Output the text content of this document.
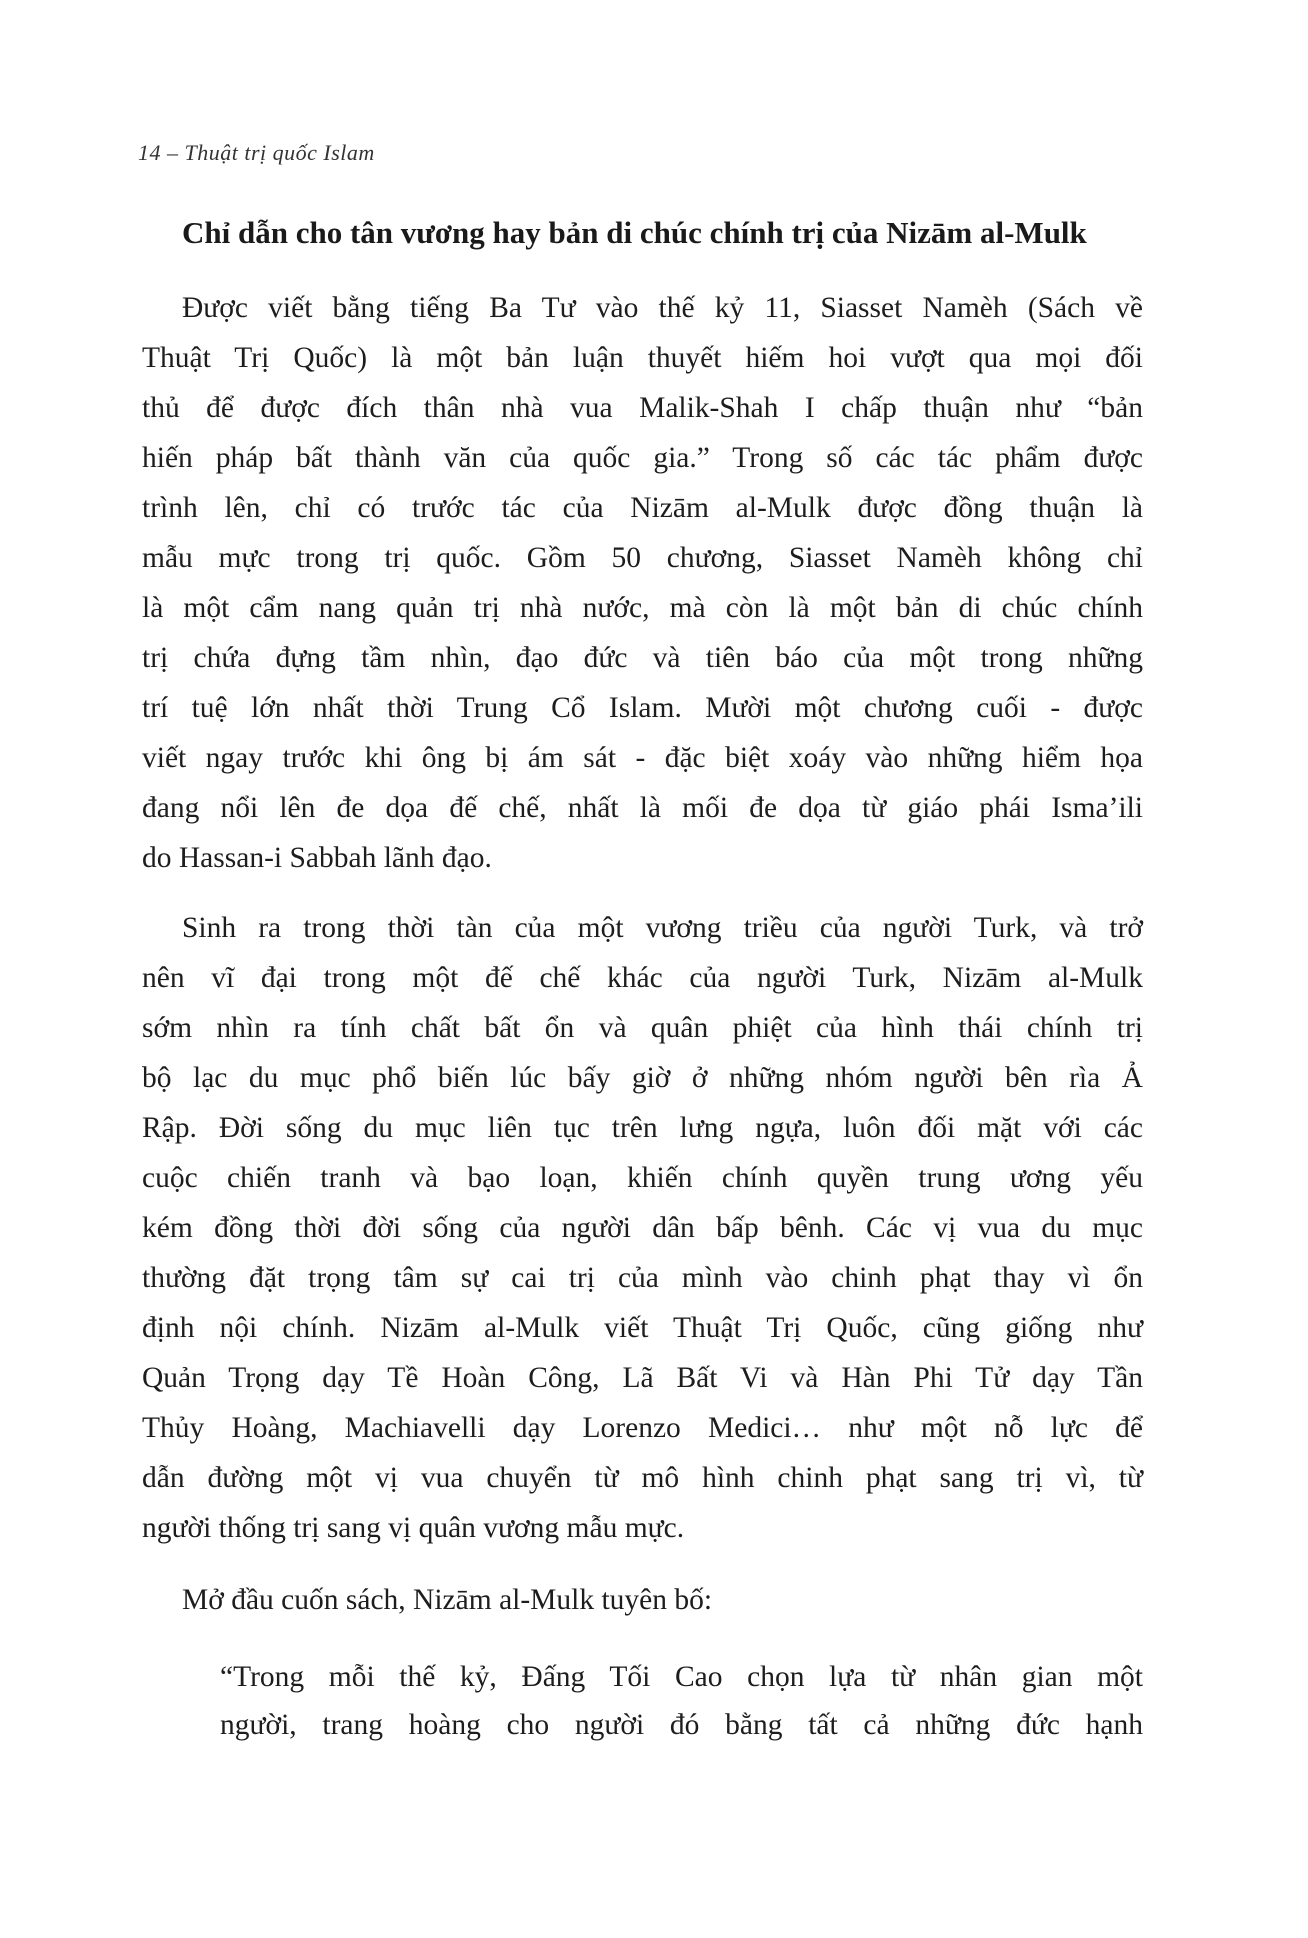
14 – Thuật trị quốc Islam
Chỉ dẫn cho tân vương hay bản di chúc chính trị của Nizām al-Mulk
Được viết bằng tiếng Ba Tư vào thế kỷ 11, Siasset Namèh (Sách về
Thuật Trị Quốc) là một bản luận thuyết hiếm hoi vượt qua mọi đối
thủ để được đích thân nhà vua Malik-Shah I chấp thuận như “bản
hiến pháp bất thành văn của quốc gia.” Trong số các tác phẩm được
trình lên, chỉ có trước tác của Nizām al-Mulk được đồng thuận là
mẫu mực trong trị quốc. Gồm 50 chương, Siasset Namèh không chỉ
là một cẩm nang quản trị nhà nước, mà còn là một bản di chúc chính
trị chứa đựng tầm nhìn, đạo đức và tiên báo của một trong những
trí tuệ lớn nhất thời Trung Cổ Islam. Mười một chương cuối - được
viết ngay trước khi ông bị ám sát - đặc biệt xoáy vào những hiểm họa
đang nổi lên đe dọa đế chế, nhất là mối đe dọa từ giáo phái Isma’ili
do Hassan-i Sabbah lãnh đạo.
Sinh ra trong thời tàn của một vương triều của người Turk, và trở
nên vĩ đại trong một đế chế khác của người Turk, Nizām al-Mulk
sớm nhìn ra tính chất bất ổn và quân phiệt của hình thái chính trị
bộ lạc du mục phổ biến lúc bấy giờ ở những nhóm người bên rìa Ả
Rập. Đời sống du mục liên tục trên lưng ngựa, luôn đối mặt với các
cuộc chiến tranh và bạo loạn, khiến chính quyền trung ương yếu
kém đồng thời đời sống của người dân bấp bênh. Các vị vua du mục
thường đặt trọng tâm sự cai trị của mình vào chinh phạt thay vì ổn
định nội chính. Nizām al-Mulk viết Thuật Trị Quốc, cũng giống như
Quản Trọng dạy Tề Hoàn Công, Lã Bất Vi và Hàn Phi Tử dạy Tần
Thủy Hoàng, Machiavelli dạy Lorenzo Medici… như một nỗ lực để
dẫn đường một vị vua chuyển từ mô hình chinh phạt sang trị vì, từ
người thống trị sang vị quân vương mẫu mực.
Mở đầu cuốn sách, Nizām al-Mulk tuyên bố:
“Trong mỗi thế kỷ, Đấng Tối Cao chọn lựa từ nhân gian một
người, trang hoàng cho người đó bằng tất cả những đức hạnh
